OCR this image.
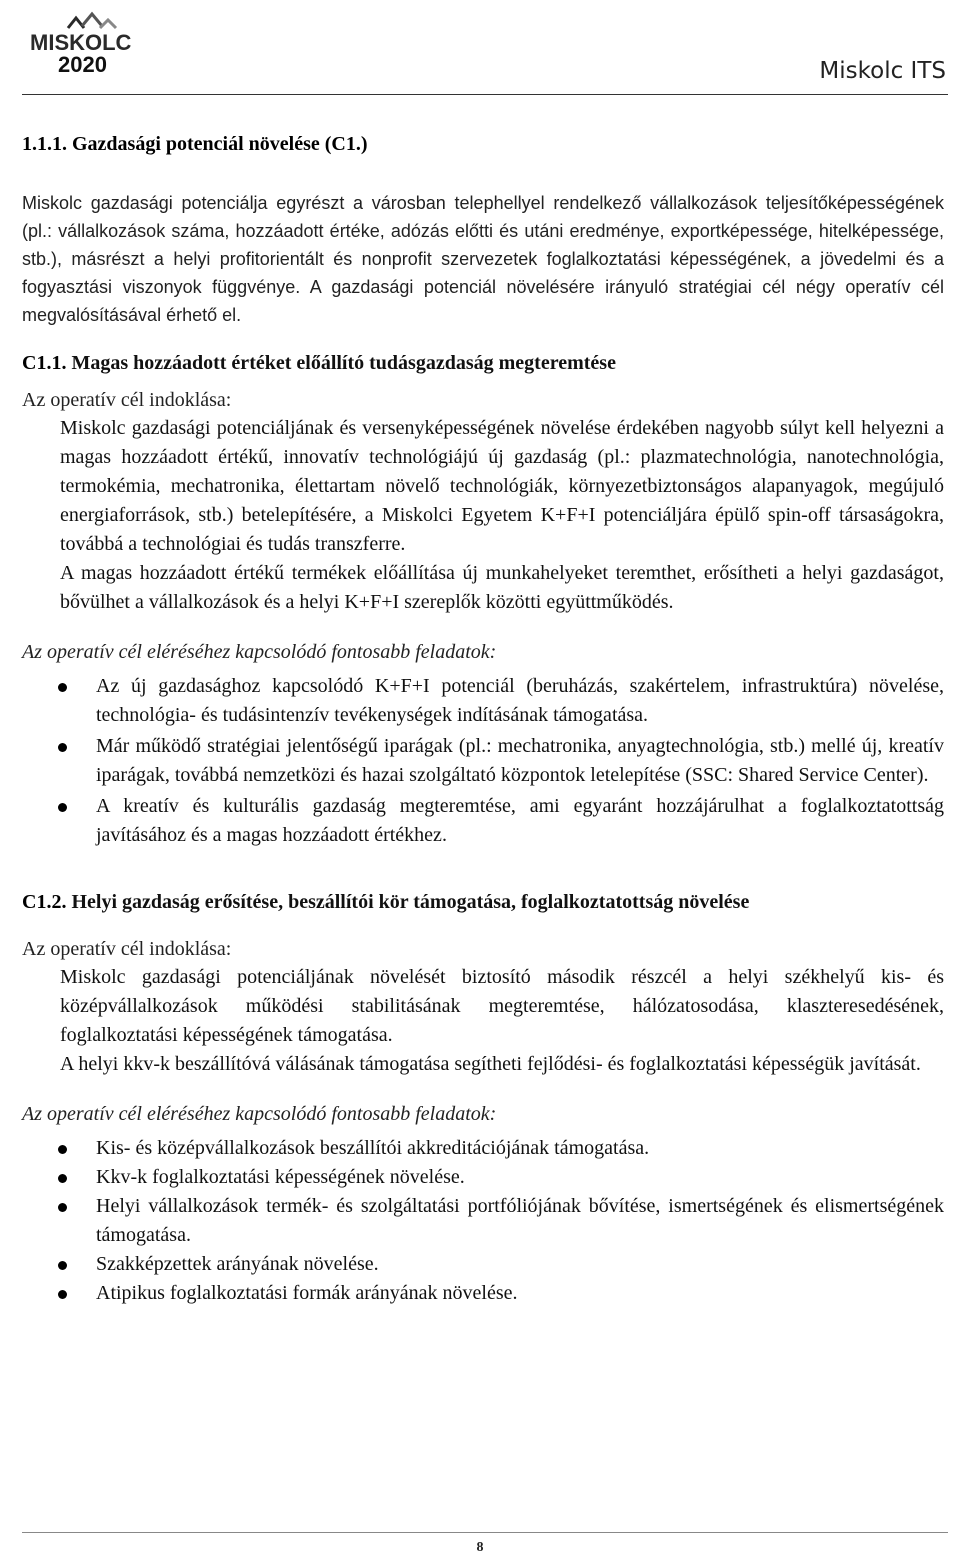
MISKOLC
2020	Miskolc ITS
1.1.1. Gazdasági potenciál növelése (C1.)

Miskolc gazdasági potenciálja egyrészt a városban telephellyel rendelkező vállalkozások teljesítőképességének (pl.: vállalkozások száma, hozzáadott értéke, adózás előtti és utáni eredménye, exportképessége, hitelképessége, stb.), másrészt a helyi profitorientált és nonprofit szervezetek foglalkoztatási képességének, a jövedelmi és a fogyasztási viszonyok függvénye. A gazdasági potenciál növelésére irányuló stratégiai cél négy operatív cél megvalósításával érhető el.

C1.1. Magas hozzáadott értéket előállító tudásgazdaság megteremtése

Az operatív cél indoklása:

Miskolc gazdasági potenciáljának és versenyképességének növelése érdekében nagyobb súlyt kell helyezni a magas hozzáadott értékű, innovatív technológiájú új gazdaság (pl.: plazmatechnológia, nanotechnológia, termokémia, mechatronika, élettartam növelő technológiák, környezetbiztonságos alapanyagok, megújuló energiaforrások, stb.) betelepítésére, a Miskolci Egyetem K+F+I potenciáljára épülő spin-off társaságokra, továbbá a technológiai és tudás transzferre.

A magas hozzáadott értékű termékek előállítása új munkahelyeket teremthet, erősítheti a helyi gazdaságot, bővülhet a vállalkozások és a helyi K+F+I szereplők közötti együttműködés.

Az operatív cél eléréséhez kapcsolódó fontosabb feladatok:

Az új gazdasághoz kapcsolódó K+F+I potenciál (beruházás, szakértelem, infrastruktúra) növelése, technológia- és tudásintenzív tevékenységek indításának támogatása.
Már működő stratégiai jelentőségű iparágak (pl.: mechatronika, anyagtechnológia, stb.) mellé új, kreatív iparágak, továbbá nemzetközi és hazai szolgáltató központok letelepítése (SSC: Shared Service Center).
A kreatív és kulturális gazdaság megteremtése, ami egyaránt hozzájárulhat a foglalkoztatottság javításához és a magas hozzáadott értékhez.
C1.2. Helyi gazdaság erősítése, beszállítói kör támogatása, foglalkoztatottság növelése

Az operatív cél indoklása:

Miskolc gazdasági potenciáljának növelését biztosító második részcél a helyi székhelyű kis- és középvállalkozások működési stabilitásának megteremtése, hálózatosodása, klaszteresedésének, foglalkoztatási képességének támogatása.

A helyi kkv-k beszállítóvá válásának támogatása segítheti fejlődési- és foglalkoztatási képességük javítását.

Az operatív cél eléréséhez kapcsolódó fontosabb feladatok:

Kis- és középvállalkozások beszállítói akkreditációjának támogatása.
Kkv-k foglalkoztatási képességének növelése.
Helyi vállalkozások termék- és szolgáltatási portfóliójának bővítése, ismertségének és elismertségének támogatása.
Szakképzettek arányának növelése.
Atipikus foglalkoztatási formák arányának növelése.
8
